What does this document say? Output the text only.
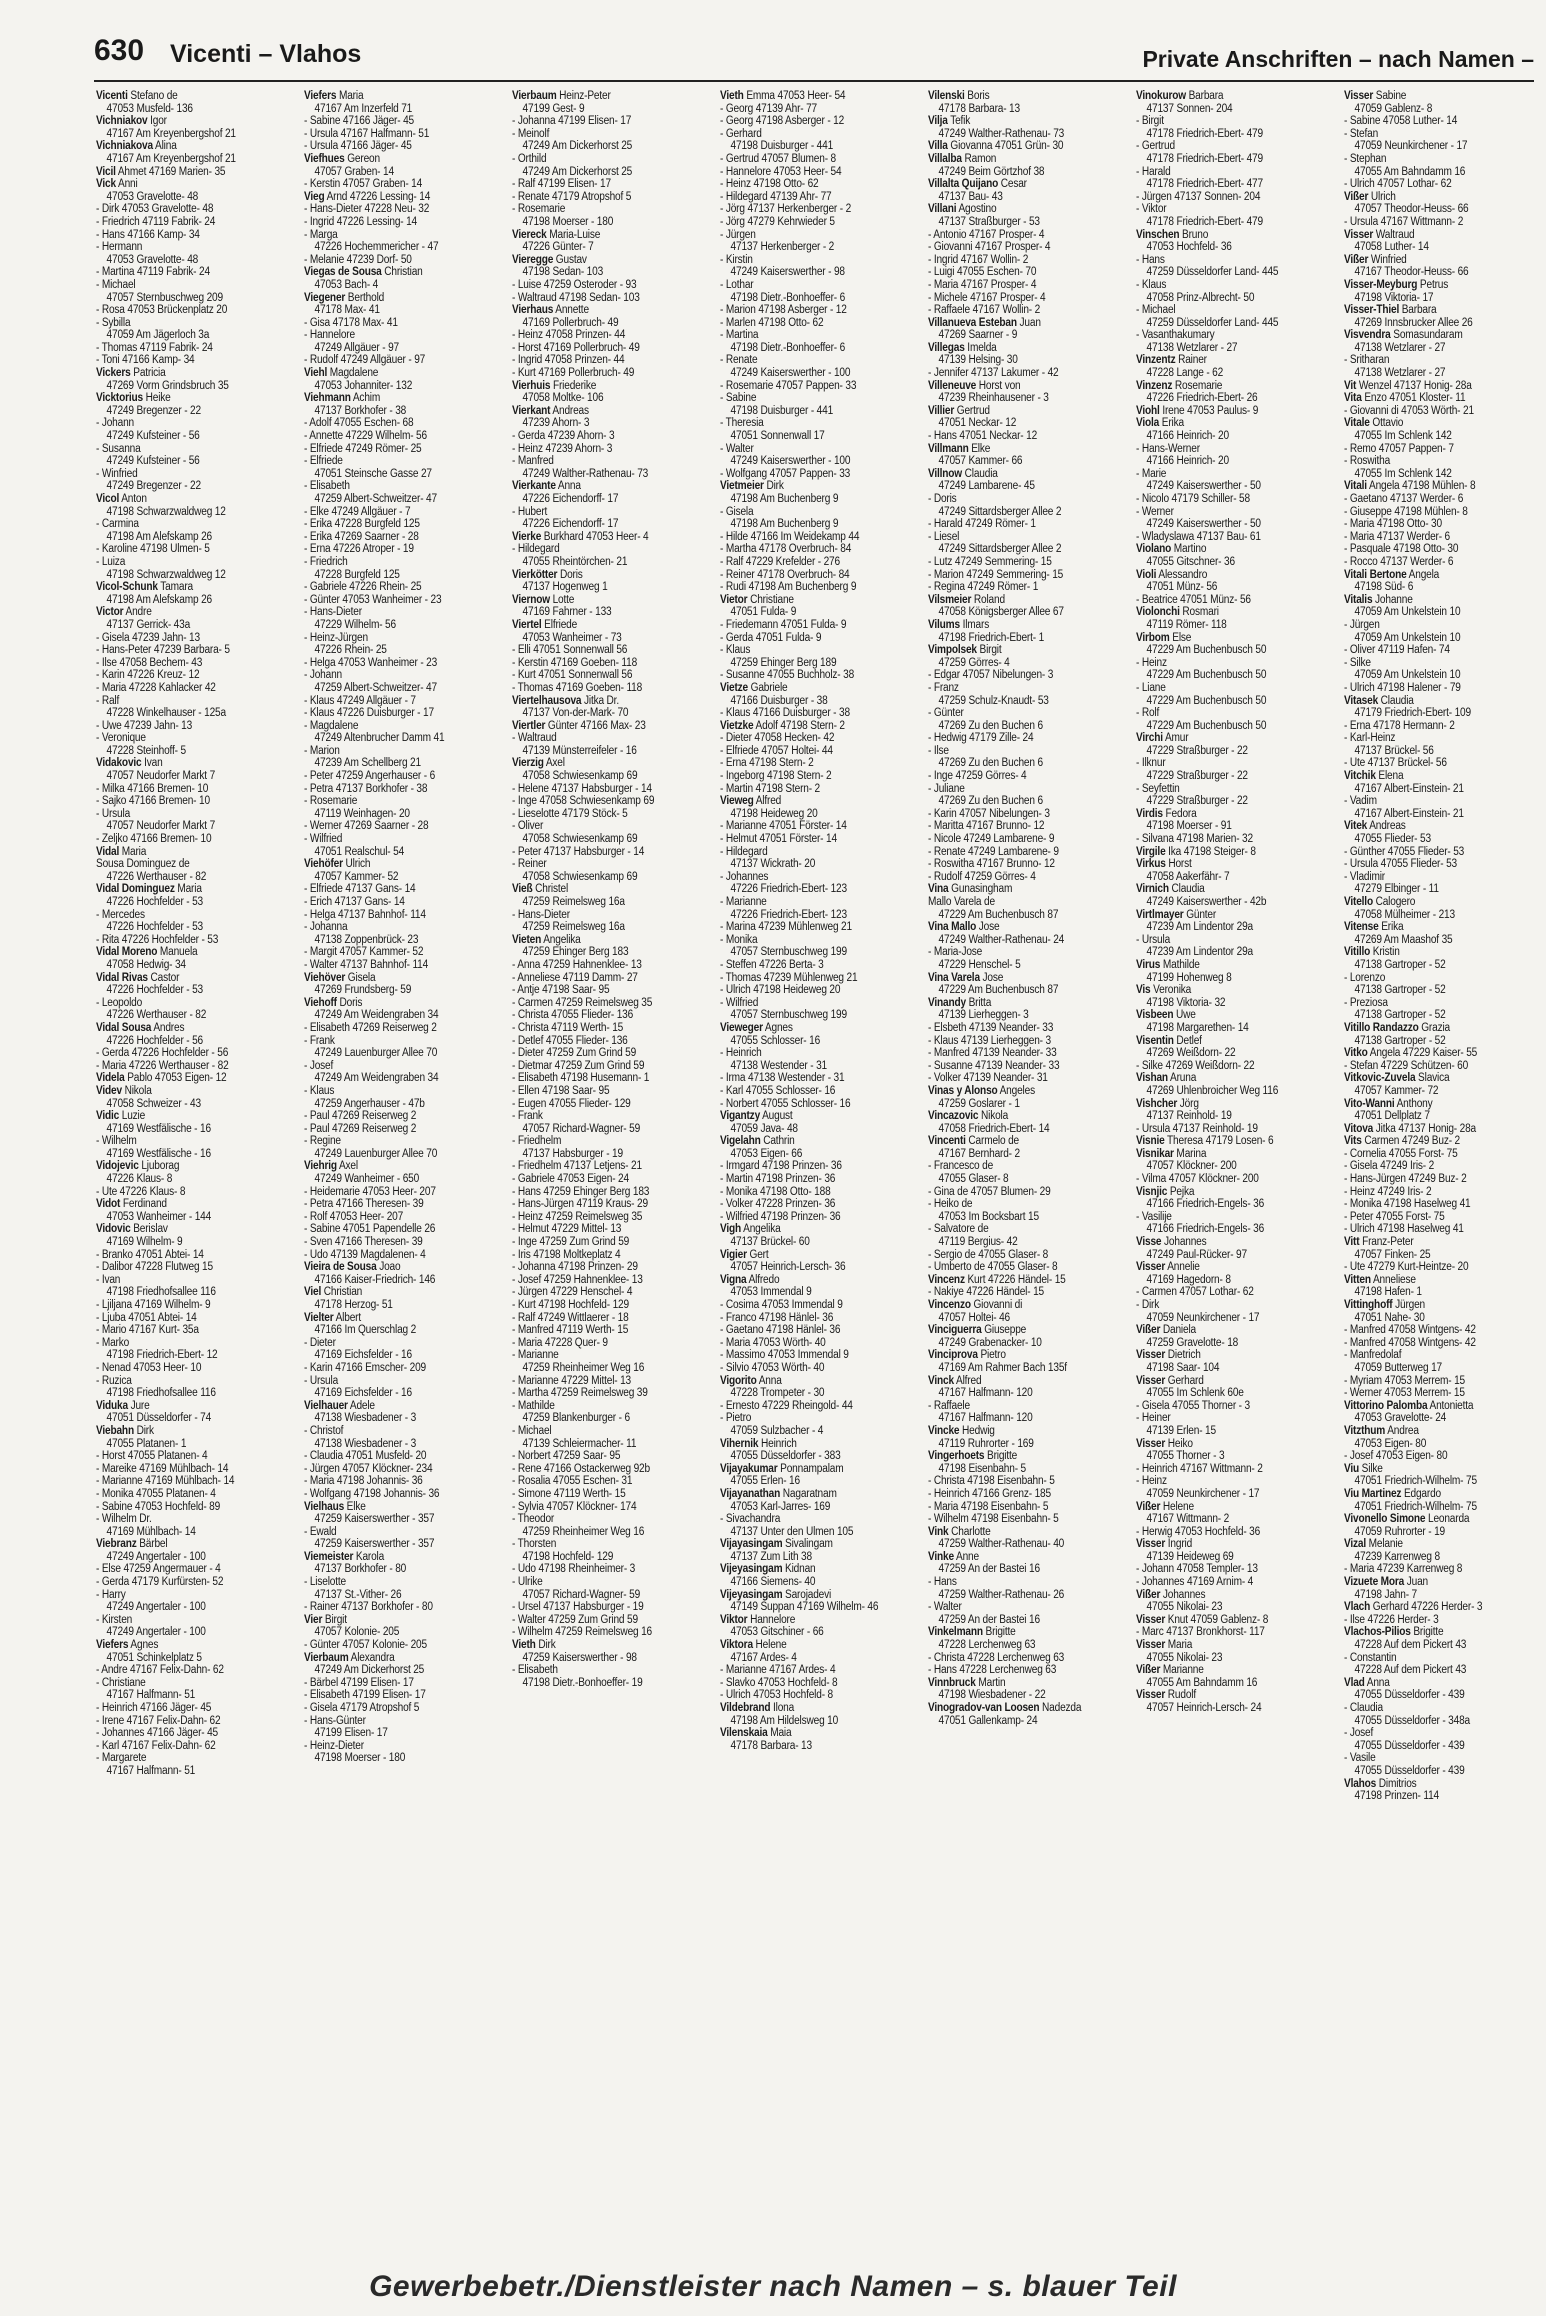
630 Vicenti – Vlahos	Private Anschriften – nach Namen –
Vicenti Stefano de
47053 Musfeld- 136
Vichniakov Igor
47167 Am Kreyenbergshof 21
Vichniakova Alina
47167 Am Kreyenbergshof 21
Vicil Ahmet 47169 Marien- 35
Vick Anni
47053 Gravelotte- 48
- Dirk 47053 Gravelotte- 48
- Friedrich 47119 Fabrik- 24
- Hans 47166 Kamp- 34
- Hermann
47053 Gravelotte- 48
- Martina 47119 Fabrik- 24
- Michael
47057 Sternbuschweg 209
- Rosa 47053 Brückenplatz 20
- Sybilla
47059 Am Jägerloch 3a
- Thomas 47119 Fabrik- 24
- Toni 47166 Kamp- 34
Vickers Patricia
47269 Vorm Grindsbruch 35
Vicktorius Heike
47249 Bregenzer - 22
- Johann
47249 Kufsteiner - 56
- Susanna
47249 Kufsteiner - 56
- Winfried
47249 Bregenzer - 22
Vicol Anton
47198 Schwarzwaldweg 12
- Carmina
47198 Am Alefskamp 26
- Karoline 47198 Ulmen- 5
- Luiza
47198 Schwarzwaldweg 12
Vicol-Schunk Tamara
47198 Am Alefskamp 26
Victor Andre
47137 Gerrick- 43a
- Gisela 47239 Jahn- 13
- Hans-Peter 47239 Barbara- 5
- Ilse 47058 Bechem- 43
- Karin 47226 Kreuz- 12
- Maria 47228 Kahlacker 42
- Ralf
47228 Winkelhauser - 125a
- Uwe 47239 Jahn- 13
- Veronique
47228 Steinhoff- 5
Vidakovic Ivan
47057 Neudorfer Markt 7
- Milka 47166 Bremen- 10
- Sajko 47166 Bremen- 10
- Ursula
47057 Neudorfer Markt 7
- Zeljko 47166 Bremen- 10
Vidal Maria
Sousa Dominguez de
47226 Werthauser - 82
Vidal Dominguez Maria
47226 Hochfelder - 53
- Mercedes
47226 Hochfelder - 53
- Rita 47226 Hochfelder - 53
Vidal Moreno Manuela
47058 Hedwig- 34
Vidal Rivas Castor
47226 Hochfelder - 53
- Leopoldo
47226 Werthauser - 82
Vidal Sousa Andres
47226 Hochfelder - 56
- Gerda 47226 Hochfelder - 56
- Maria 47226 Werthauser - 82
Videla Pablo 47053 Eigen- 12
Videv Nikola
47058 Schweizer - 43
Vidic Luzie
47169 Westfälische - 16
- Wilhelm
47169 Westfälische - 16
Vidojevic Ljuborag
47226 Klaus- 8
- Ute 47226 Klaus- 8
Vidot Ferdinand
47053 Wanheimer - 144
Vidovic Berislav
47169 Wilhelm- 9
- Branko 47051 Abtei- 14
- Dalibor 47228 Flutweg 15
- Ivan
47198 Friedhofsallee 116
- Ljiljana 47169 Wilhelm- 9
- Ljuba 47051 Abtei- 14
- Mario 47167 Kurt- 35a
- Marko
47198 Friedrich-Ebert- 12
- Nenad 47053 Heer- 10
- Ruzica
47198 Friedhofsallee 116
Viduka Jure
47051 Düsseldorfer - 74
Viebahn Dirk
47055 Platanen- 1
- Horst 47055 Platanen- 4
- Mareike 47169 Mühlbach- 14
- Marianne 47169 Mühlbach- 14
- Monika 47055 Platanen- 4
- Sabine 47053 Hochfeld- 89
- Wilhelm Dr.
47169 Mühlbach- 14
Viebranz Bärbel
47249 Angertaler - 100
- Else 47259 Angermauer - 4
- Gerda 47179 Kurfürsten- 52
- Harry
47249 Angertaler - 100
- Kirsten
47249 Angertaler - 100
Viefers Agnes
47051 Schinkelplatz 5
- Andre 47167 Felix-Dahn- 62
- Christiane
47167 Halfmann- 51
- Heinrich 47166 Jäger- 45
- Irene 47167 Felix-Dahn- 62
- Johannes 47166 Jäger- 45
- Karl 47167 Felix-Dahn- 62
- Margarete
47167 Halfmann- 51
Viefers Maria
47167 Am Inzerfeld 71
- Sabine 47166 Jäger- 45
- Ursula 47167 Halfmann- 51
- Ursula 47166 Jäger- 45
Viefhues Gereon
47057 Graben- 14
- Kerstin 47057 Graben- 14
Vieg Arnd 47226 Lessing- 14
- Hans-Dieter 47228 Neu- 32
- Ingrid 47226 Lessing- 14
- Marga
47226 Hochemmericher - 47
- Melanie 47239 Dorf- 50
Viegas de Sousa Christian
47053 Bach- 4
Viegener Berthold
47178 Max- 41
- Gisa 47178 Max- 41
- Hannelore
47249 Allgäuer - 97
- Rudolf 47249 Allgäuer - 97
Viehl Magdalene
47053 Johanniter- 132
Viehmann Achim
47137 Borkhofer - 38
- Adolf 47055 Eschen- 68
- Annette 47229 Wilhelm- 56
- Elfriede 47249 Römer- 25
- Elfriede
47051 Steinsche Gasse 27
- Elisabeth
47259 Albert-Schweitzer- 47
- Elke 47249 Allgäuer - 7
- Erika 47228 Burgfeld 125
- Erika 47269 Saarner - 28
- Erna 47226 Atroper - 19
- Friedrich
47228 Burgfeld 125
- Gabriele 47226 Rhein- 25
- Günter 47053 Wanheimer - 23
- Hans-Dieter
47229 Wilhelm- 56
- Heinz-Jürgen
47226 Rhein- 25
- Helga 47053 Wanheimer - 23
- Johann
47259 Albert-Schweitzer- 47
- Klaus 47249 Allgäuer - 7
- Klaus 47226 Duisburger - 17
- Magdalene
47249 Altenbrucher Damm 41
- Marion
47239 Am Schellberg 21
- Peter 47259 Angerhauser - 6
- Petra 47137 Borkhofer - 38
- Rosemarie
47119 Weinhagen- 20
- Werner 47269 Saarner - 28
- Wilfried
47051 Realschul- 54
Viehöfer Ulrich
47057 Kammer- 52
- Elfriede 47137 Gans- 14
- Erich 47137 Gans- 14
- Helga 47137 Bahnhof- 114
- Johanna
47138 Zoppenbrück- 23
- Margit 47057 Kammer- 52
- Walter 47137 Bahnhof- 114
Viehöver Gisela
47269 Frundsberg- 59
Viehoff Doris
47249 Am Weidengraben 34
- Elisabeth 47269 Reiserweg 2
- Frank
47249 Lauenburger Allee 70
- Josef
47249 Am Weidengraben 34
- Klaus
47259 Angerhauser - 47b
- Paul 47269 Reiserweg 2
- Paul 47269 Reiserweg 2
- Regine
47249 Lauenburger Allee 70
Viehrig Axel
47249 Wanheimer - 650
- Heidemarie 47053 Heer- 207
- Petra 47166 Theresen- 39
- Rolf 47053 Heer- 207
- Sabine 47051 Papendelle 26
- Sven 47166 Theresen- 39
- Udo 47139 Magdalenen- 4
Vieira de Sousa Joao
47166 Kaiser-Friedrich- 146
Viel Christian
47178 Herzog- 51
Vielter Albert
47166 Im Querschlag 2
- Dieter
47169 Eichsfelder - 16
- Karin 47166 Emscher- 209
- Ursula
47169 Eichsfelder - 16
Vielhauer Adele
47138 Wiesbadener - 3
- Christof
47138 Wiesbadener - 3
- Claudia 47051 Musfeld- 20
- Jürgen 47057 Klöckner- 234
- Maria 47198 Johannis- 36
- Wolfgang 47198 Johannis- 36
Vielhaus Elke
47259 Kaiserswerther - 357
- Ewald
47259 Kaiserswerther - 357
Viemeister Karola
47137 Borkhofer - 80
- Liselotte
47137 St.-Vither- 26
- Rainer 47137 Borkhofer - 80
Vier Birgit
47057 Kolonie- 205
- Günter 47057 Kolonie- 205
Vierbaum Alexandra
47249 Am Dickerhorst 25
- Bärbel 47199 Elisen- 17
- Elisabeth 47199 Elisen- 17
- Gisela 47179 Atropshof 5
- Hans-Günter
47199 Elisen- 17
- Heinz-Dieter
47198 Moerser - 180
Vierbaum Heinz-Peter
47199 Gest- 9
- Johanna 47199 Elisen- 17
- Meinolf
47249 Am Dickerhorst 25
- Orthild
47249 Am Dickerhorst 25
- Ralf 47199 Elisen- 17
- Renate 47179 Atropshof 5
- Rosemarie
47198 Moerser - 180
Viereck Maria-Luise
47226 Günter- 7
Viereggе Gustav
47198 Sedan- 103
- Luise 47259 Osteroder - 93
- Waltraud 47198 Sedan- 103
Vierhaus Annette
47169 Pollerbruch- 49
- Heinz 47058 Prinzen- 44
- Horst 47169 Pollerbruch- 49
- Ingrid 47058 Prinzen- 44
- Kurt 47169 Pollerbruch- 49
Vierhuis Friederike
47058 Moltke- 106
Vierkant Andreas
47239 Ahorn- 3
- Gerda 47239 Ahorn- 3
- Heinz 47239 Ahorn- 3
- Manfred
47249 Walther-Rathenau- 73
Vierkante Anna
47226 Eichendorff- 17
- Hubert
47226 Eichendorff- 17
Vierke Burkhard 47053 Heer- 4
- Hildegard
47055 Rheintörchen- 21
Vierkötter Doris
47137 Hogenweg 1
Viernow Lotte
47169 Fahrner - 133
Viertel Elfriede
47053 Wanheimer - 73
- Elli 47051 Sonnenwall 56
- Kerstin 47169 Goeben- 118
- Kurt 47051 Sonnenwall 56
- Thomas 47169 Goeben- 118
Viertelhausova Jitka Dr.
47137 Von-der-Mark- 70
Viertler Günter 47166 Max- 23
- Waltraud
47139 Münsterreifeler - 16
Vierzig Axel
47058 Schwiesenkamp 69
- Helene 47137 Habsburger - 14
- Inge 47058 Schwiesenkamp 69
- Lieselotte 47179 Stöck- 5
- Oliver
47058 Schwiesenkamp 69
- Peter 47137 Habsburger - 14
- Reiner
47058 Schwiesenkamp 69
Vieß Christel
47259 Reimelsweg 16a
- Hans-Dieter
47259 Reimelsweg 16a
Vieten Angelika
47259 Ehinger Berg 183
- Anna 47259 Hahnenklee- 13
- Anneliese 47119 Damm- 27
- Antje 47198 Saar- 95
- Carmen 47259 Reimelsweg 35
- Christa 47055 Flieder- 136
- Christa 47119 Werth- 15
- Detlef 47055 Flieder- 136
- Dieter 47259 Zum Grind 59
- Dietmar 47259 Zum Grind 59
- Elisabeth 47198 Husemann- 1
- Ellen 47198 Saar- 95
- Eugen 47055 Flieder- 129
- Frank
47057 Richard-Wagner- 59
- Friedhelm
47137 Habsburger - 19
- Friedhelm 47137 Letjens- 21
- Gabriele 47053 Eigen- 24
- Hans 47259 Ehinger Berg 183
- Hans-Jürgen 47119 Kraus- 29
- Heinz 47259 Reimelsweg 35
- Helmut 47229 Mittel- 13
- Inge 47259 Zum Grind 59
- Iris 47198 Moltkeplatz 4
- Johanna 47198 Prinzen- 29
- Josef 47259 Hahnenklee- 13
- Jürgen 47229 Henschel- 4
- Kurt 47198 Hochfeld- 129
- Ralf 47249 Wittlaerer - 18
- Manfred 47119 Werth- 15
- Maria 47228 Quer- 9
- Marianne
47259 Rheinheimer Weg 16
- Marianne 47229 Mittel- 13
- Martha 47259 Reimelsweg 39
- Mathilde
47259 Blankenburger - 6
- Michael
47139 Schleiermacher- 11
- Norbert 47259 Saar- 95
- Rene 47166 Ostackerweg 92b
- Rosalia 47055 Eschen- 31
- Simone 47119 Werth- 15
- Sylvia 47057 Klöckner- 174
- Theodor
47259 Rheinheimer Weg 16
- Thorsten
47198 Hochfeld- 129
- Udo 47198 Rheinheimer- 3
- Ulrike
47057 Richard-Wagner- 59
- Ursel 47137 Habsburger - 19
- Walter 47259 Zum Grind 59
- Wilhelm 47259 Reimelsweg 16
Vieth Dirk
47259 Kaiserswerther - 98
- Elisabeth
47198 Dietr.-Bonhoeffer- 19
Vieth Emma 47053 Heer- 54
- Georg 47139 Ahr- 77
- Georg 47198 Asberger - 12
- Gerhard
47198 Duisburger - 441
- Gertrud 47057 Blumen- 8
- Hannelore 47053 Heer- 54
- Heinz 47198 Otto- 62
- Hildegard 47139 Ahr- 77
- Jörg 47137 Herkenberger - 2
- Jörg 47279 Kehrwieder 5
- Jürgen
47137 Herkenberger - 2
- Kirstin
47249 Kaiserswerther - 98
- Lothar
47198 Dietr.-Bonhoeffer- 6
- Marion 47198 Asberger - 12
- Marlen 47198 Otto- 62
- Martina
47198 Dietr.-Bonhoeffer- 6
- Renate
47249 Kaiserswerther - 100
- Rosemarie 47057 Pappen- 33
- Sabine
47198 Duisburger - 441
- Theresia
47051 Sonnenwall 17
- Walter
47249 Kaiserswerther - 100
- Wolfgang 47057 Pappen- 33
Vietmeier Dirk
47198 Am Buchenberg 9
- Gisela
47198 Am Buchenberg 9
- Hilde 47166 Im Weidekamp 44
- Martha 47178 Overbruch- 84
- Ralf 47229 Krefelder - 276
- Reiner 47178 Overbruch- 84
- Rudi 47198 Am Buchenberg 9
Vietor Christiane
47051 Fulda- 9
- Friedemann 47051 Fulda- 9
- Gerda 47051 Fulda- 9
- Klaus
47259 Ehinger Berg 189
- Susanne 47055 Buchholz- 38
Vietze Gabriele
47166 Duisburger - 38
- Klaus 47166 Duisburger - 38
Vietzke Adolf 47198 Stern- 2
- Dieter 47058 Hecken- 42
- Elfriede 47057 Holtei- 44
- Erna 47198 Stern- 2
- Ingeborg 47198 Stern- 2
- Martin 47198 Stern- 2
Vieweg Alfred
47198 Heideweg 20
- Marianne 47051 Förster- 14
- Helmut 47051 Förster- 14
- Hildegard
47137 Wickrath- 20
- Johannes
47226 Friedrich-Ebert- 123
- Marianne
47226 Friedrich-Ebert- 123
- Marina 47239 Mühlenweg 21
- Monika
47057 Sternbuschweg 199
- Steffen 47226 Berta- 3
- Thomas 47239 Mühlenweg 21
- Ulrich 47198 Heideweg 20
- Wilfried
47057 Sternbuschweg 199
Vieweger Agnes
47055 Schlosser- 16
- Heinrich
47138 Westender - 31
- Irma 47138 Westender - 31
- Karl 47055 Schlosser- 16
- Norbert 47055 Schlosser- 16
Vigantzy August
47059 Java- 48
Vigelahn Cathrin
47053 Eigen- 66
- Irmgard 47198 Prinzen- 36
- Martin 47198 Prinzen- 36
- Monika 47198 Otto- 188
- Volker 47228 Prinzen- 36
- Wilfried 47198 Prinzen- 36
Vigh Angelika
47137 Brückel- 60
Vigier Gert
47057 Heinrich-Lersch- 36
Vigna Alfredo
47053 Immendal 9
- Cosima 47053 Immendal 9
- Franco 47198 Hänlel- 36
- Gaetano 47198 Hänlel- 36
- Maria 47053 Wörth- 40
- Massimo 47053 Immendal 9
- Silvio 47053 Wörth- 40
Vigorito Anna
47228 Trompeter - 30
- Ernesto 47229 Rheingold- 44
- Pietro
47059 Sulzbacher - 4
Vihernik Heinrich
47055 Düsseldorfer - 383
Vijayakumar Ponnampalam
47055 Erlen- 16
Vijayanathan Nagaratnam
47053 Karl-Jarres- 169
- Sivachandra
47137 Unter den Ulmen 105
Vijayasingam Sivalingam
47137 Zum Lith 38
Vijeyasingam Kidnan
47166 Siemens- 40
Vijeyasingam Sarojadevi
47149 Suppan 47169 Wilhelm- 46
Viktor Hannelore
47053 Gitschiner - 66
Viktora Helene
47167 Ardes- 4
- Marianne 47167 Ardes- 4
- Slavko 47053 Hochfeld- 8
- Ulrich 47053 Hochfeld- 8
Vildebrand Ilona
47198 Am Hildelsweg 10
Vilenskaia Maia
47178 Barbara- 13
Vilenski Boris
47178 Barbara- 13
Vilja Tefik
47249 Walther-Rathenau- 73
Villa Giovanna 47051 Grün- 30
Villalba Ramon
47249 Beim Görtzhof 38
Villalta Quijano Cesar
47137 Bau- 43
Villani Agostino
47137 Straßburger - 53
- Antonio 47167 Prosper- 4
- Giovanni 47167 Prosper- 4
- Ingrid 47167 Wollin- 2
- Luigi 47055 Eschen- 70
- Maria 47167 Prosper- 4
- Michele 47167 Prosper- 4
- Raffaele 47167 Wollin- 2
Villanueva Esteban Juan
47269 Saarner - 9
Villegas Imelda
47139 Helsing- 30
- Jennifer 47137 Lakumer - 42
Villeneuve Horst von
47239 Rheinhausener - 3
Villier Gertrud
47051 Neckar- 12
- Hans 47051 Neckar- 12
Villmann Elke
47057 Kammer- 66
Villnow Claudia
47249 Lambarene- 45
- Doris
47249 Sittardsberger Allee 2
- Harald 47249 Römer- 1
- Liesel
47249 Sittardsberger Allee 2
- Lutz 47249 Semmering- 15
- Marion 47249 Semmering- 15
- Regina 47249 Römer- 1
Vilsmeier Roland
47058 Königsberger Allee 67
Vilums Ilmars
47198 Friedrich-Ebert- 1
Vimpolsek Birgit
47259 Görres- 4
- Edgar 47057 Nibelungen- 3
- Franz
47259 Schulz-Knaudt- 53
- Günter
47269 Zu den Buchen 6
- Hedwig 47179 Zille- 24
- Ilse
47269 Zu den Buchen 6
- Inge 47259 Görres- 4
- Juliane
47269 Zu den Buchen 6
- Karin 47057 Nibelungen- 3
- Maritta 47167 Brunno- 12
- Nicole 47249 Lambarene- 9
- Renate 47249 Lambarene- 9
- Roswitha 47167 Brunno- 12
- Rudolf 47259 Görres- 4
Vina Gunasingham
Mallo Varela de
47229 Am Buchenbusch 87
Vina Mallo Jose
47249 Walther-Rathenau- 24
- Maria-Jose
47229 Henschel- 5
Vina Varela Jose
47229 Am Buchenbusch 87
Vinandy Britta
47139 Lierheggen- 3
- Elsbeth 47139 Neander- 33
- Klaus 47139 Lierheggen- 3
- Manfred 47139 Neander- 33
- Susanne 47139 Neander- 33
- Volker 47139 Neander- 31
Vinas y Alonso Angeles
47259 Goslarer - 1
Vincazovic Nikola
47058 Friedrich-Ebert- 14
Vincenti Carmelo de
47167 Bernhard- 2
- Francesco de
47055 Glaser- 8
- Gina de 47057 Blumen- 29
- Heiko de
47053 Im Bocksbart 15
- Salvatore de
47119 Bergius- 42
- Sergio de 47055 Glaser- 8
- Umberto de 47055 Glaser- 8
Vincenz Kurt 47226 Händel- 15
- Nakiye 47226 Händel- 15
Vincenzo Giovanni di
47057 Holtei- 46
Vinciguerra Giuseppe
47249 Grabenacker- 10
Vinciprova Pietro
47169 Am Rahmer Bach 135f
Vinck Alfred
47167 Halfmann- 120
- Raffaele
47167 Halfmann- 120
Vincke Hedwig
47119 Ruhrorter - 169
Vingerhoets Brigitte
47198 Eisenbahn- 5
- Christa 47198 Eisenbahn- 5
- Heinrich 47166 Grenz- 185
- Maria 47198 Eisenbahn- 5
- Wilhelm 47198 Eisenbahn- 5
Vink Charlotte
47259 Walther-Rathenau- 40
Vinke Anne
47259 An der Bastei 16
- Hans
47259 Walther-Rathenau- 26
- Walter
47259 An der Bastei 16
Vinkelmann Brigitte
47228 Lerchenweg 63
- Christa 47228 Lerchenweg 63
- Hans 47228 Lerchenweg 63
Vinnbruck Martin
47198 Wiesbadener - 22
Vinogradov-van Loosen Nadezda
47051 Gallenkamp- 24
Vinokurow Barbara
47137 Sonnen- 204
- Birgit
47178 Friedrich-Ebert- 479
- Gertrud
47178 Friedrich-Ebert- 479
- Harald
47178 Friedrich-Ebert- 477
- Jürgen 47137 Sonnen- 204
- Viktor
47178 Friedrich-Ebert- 479
Vinschen Bruno
47053 Hochfeld- 36
- Hans
47259 Düsseldorfer Land- 445
- Klaus
47058 Prinz-Albrecht- 50
- Michael
47259 Düsseldorfer Land- 445
- Vasanthakumary
47138 Wetzlarer - 27
Vinzentz Rainer
47228 Lange - 62
Vinzenz Rosemarie
47226 Friedrich-Ebert- 26
Viohl Irene 47053 Paulus- 9
Viola Erika
47166 Heinrich- 20
- Hans-Werner
47166 Heinrich- 20
- Marie
47249 Kaiserswerther - 50
- Nicolo 47179 Schiller- 58
- Werner
47249 Kaiserswerther - 50
- Wladyslawa 47137 Bau- 61
Violano Martino
47055 Gitschner- 36
Violi Alessandro
47051 Münz- 56
- Beatrice 47051 Münz- 56
Violonchi Rosmari
47119 Römer- 118
Virbom Else
47229 Am Buchenbusch 50
- Heinz
47229 Am Buchenbusch 50
- Liane
47229 Am Buchenbusch 50
- Rolf
47229 Am Buchenbusch 50
Virchi Amur
47229 Straßburger - 22
- Ilknur
47229 Straßburger - 22
- Seyfettin
47229 Straßburger - 22
Virdis Fedora
47198 Moerser - 91
- Silvana 47198 Marien- 32
Virgile Ika 47198 Steiger- 8
Virkus Horst
47058 Aakerfähr- 7
Virnich Claudia
47249 Kaiserswerther - 42b
Virtlmayer Günter
47239 Am Lindentor 29a
- Ursula
47239 Am Lindentor 29a
Virus Mathilde
47199 Hohenweg 8
Vis Veronika
47198 Viktoria- 32
Visbeen Uwe
47198 Margarethen- 14
Visentin Detlef
47269 Weißdorn- 22
- Silke 47269 Weißdorn- 22
Vishan Aruna
47269 Uhlenbroicher Weg 116
Vishcher Jörg
47137 Reinhold- 19
- Ursula 47137 Reinhold- 19
Visnie Theresa 47179 Losen- 6
Visnikar Marina
47057 Klöckner- 200
- Vilma 47057 Klöckner- 200
Visnjic Pejka
47166 Friedrich-Engels- 36
- Vasilije
47166 Friedrich-Engels- 36
Visse Johannes
47249 Paul-Rücker- 97
Visser Annelie
47169 Hagedorn- 8
- Carmen 47057 Lothar- 62
- Dirk
47059 Neunkirchener - 17
Vißer Daniela
47259 Gravelotte- 18
Visser Dietrich
47198 Saar- 104
Visser Gerhard
47055 Im Schlenk 60e
- Gisela 47055 Thorner - 3
- Heiner
47139 Erlen- 15
Visser Heiko
47055 Thorner - 3
- Heinrich 47167 Wittmann- 2
- Heinz
47059 Neunkirchener - 17
Vißer Helene
47167 Wittmann- 2
- Herwig 47053 Hochfeld- 36
Visser Ingrid
47139 Heideweg 69
- Johann 47058 Templer- 13
- Johannes 47169 Arnim- 4
Vißer Johannes
47055 Nikolai- 23
Visser Knut 47059 Gablenz- 8
- Marc 47137 Bronkhorst- 117
Visser Maria
47055 Nikolai- 23
Vißer Marianne
47055 Am Bahndamm 16
Visser Rudolf
47057 Heinrich-Lersch- 24
Visser Sabine
47059 Gablenz- 8
- Sabine 47058 Luther- 14
- Stefan
47059 Neunkirchener - 17
- Stephan
47055 Am Bahndamm 16
- Ulrich 47057 Lothar- 62
Vißer Ulrich
47057 Theodor-Heuss- 66
- Ursula 47167 Wittmann- 2
Visser Waltraud
47058 Luther- 14
Vißer Winfried
47167 Theodor-Heuss- 66
Visser-Meyburg Petrus
47198 Viktoria- 17
Visser-Thiel Barbara
47269 Innsbrucker Allee 26
Visvendra Somasundaram
47138 Wetzlarer - 27
- Sritharan
47138 Wetzlarer - 27
Vit Wenzel 47137 Honig- 28a
Vita Enzo 47051 Kloster- 11
- Giovanni di 47053 Wörth- 21
Vitale Ottavio
47055 Im Schlenk 142
- Remo 47057 Pappen- 7
- Roswitha
47055 Im Schlenk 142
Vitali Angela 47198 Mühlen- 8
- Gaetano 47137 Werder- 6
- Giuseppe 47198 Mühlen- 8
- Maria 47198 Otto- 30
- Maria 47137 Werder- 6
- Pasquale 47198 Otto- 30
- Rocco 47137 Werder- 6
Vitali Bertone Angela
47198 Süd- 6
Vitalis Johanne
47059 Am Unkelstein 10
- Jürgen
47059 Am Unkelstein 10
- Oliver 47119 Hafen- 74
- Silke
47059 Am Unkelstein 10
- Ulrich 47198 Halener - 79
Vitasek Claudia
47179 Friedrich-Ebert- 109
- Erna 47178 Hermann- 2
- Karl-Heinz
47137 Brückel- 56
- Ute 47137 Brückel- 56
Vitchik Elena
47167 Albert-Einstein- 21
- Vadim
47167 Albert-Einstein- 21
Vitek Andreas
47055 Flieder- 53
- Günther 47055 Flieder- 53
- Ursula 47055 Flieder- 53
- Vladimir
47279 Elbinger - 11
Vitello Calogero
47058 Mülheimer - 213
Vitense Erika
47269 Am Maashof 35
Vitillo Kristin
47138 Gartroper - 52
- Lorenzo
47138 Gartroper - 52
- Preziosa
47138 Gartroper - 52
Vitillo Randazzo Grazia
47138 Gartroper - 52
Vitko Angela 47229 Kaiser- 55
- Stefan 47229 Schützen- 60
Vitkovic-Zuvela Slavica
47057 Kammer- 72
Vito-Wanni Anthony
47051 Dellplatz 7
Vitova Jitka 47137 Honig- 28a
Vits Carmen 47249 Buz- 2
- Cornelia 47055 Forst- 75
- Gisela 47249 Iris- 2
- Hans-Jürgen 47249 Buz- 2
- Heinz 47249 Iris- 2
- Monika 47198 Haselweg 41
- Peter 47055 Forst- 75
- Ulrich 47198 Haselweg 41
Vitt Franz-Peter
47057 Finken- 25
- Ute 47279 Kurt-Heintze- 20
Vitten Anneliese
47198 Hafen- 1
Vittinghoff Jürgen
47051 Nahe- 30
- Manfred 47058 Wintgens- 42
- Manfred 47058 Wintgens- 42
- Manfredolaf
47059 Butterweg 17
- Myriam 47053 Merrem- 15
- Werner 47053 Merrem- 15
Vittorino Palomba Antonietta
47053 Gravelotte- 24
Vitzthum Andrea
47053 Eigen- 80
- Josef 47053 Eigen- 80
Viu Silke
47051 Friedrich-Wilhelm- 75
Viu Martinez Edgardo
47051 Friedrich-Wilhelm- 75
Vivonello Simone Leonarda
47059 Ruhrorter - 19
Vizal Melanie
47239 Karrenweg 8
- Maria 47239 Karrenweg 8
Vizuete Mora Juan
47198 Jahn- 7
Vlach Gerhard 47226 Herder- 3
- Ilse 47226 Herder- 3
Vlachos-Pilios Brigitte
47228 Auf dem Pickert 43
- Constantin
47228 Auf dem Pickert 43
Vlad Anna
47055 Düsseldorfer - 439
- Claudia
47055 Düsseldorfer - 348a
- Josef
47055 Düsseldorfer - 439
- Vasile
47055 Düsseldorfer - 439
Vlahos Dimitrios
47198 Prinzen- 114
Gewerbebetr./Dienstleister nach Namen – s. blauer Teil
